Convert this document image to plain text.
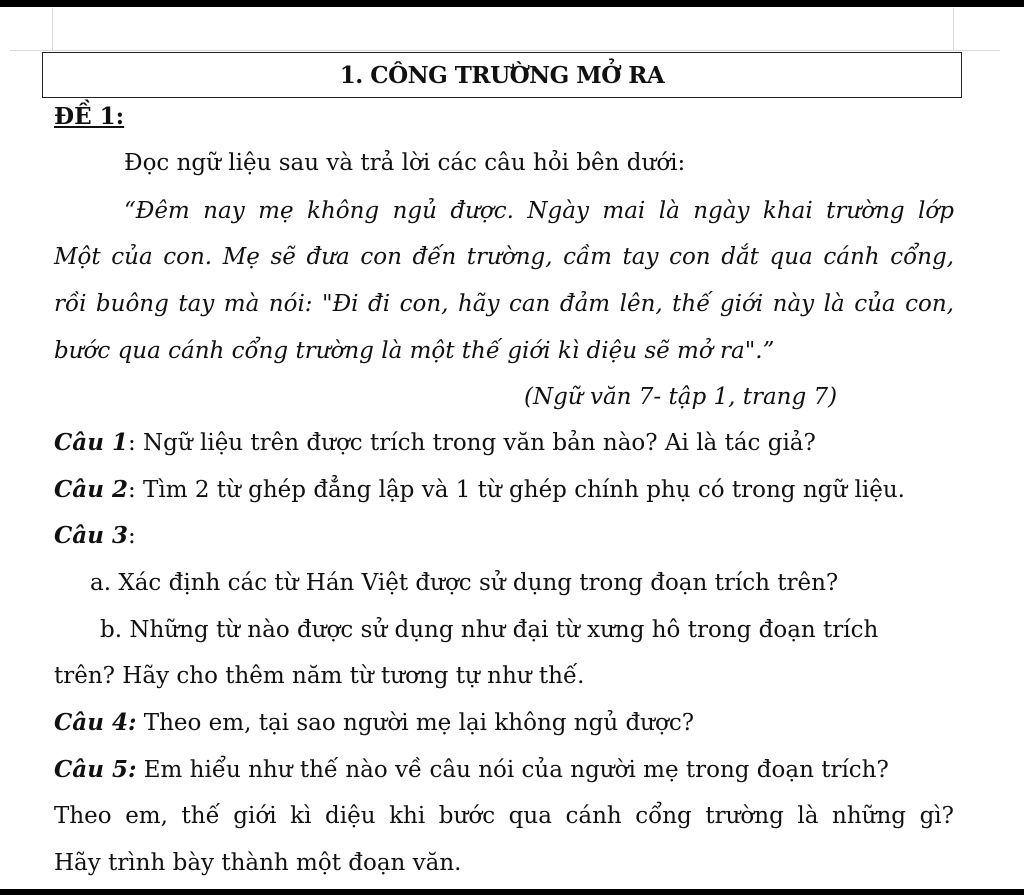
1. CÔNG TRƯỜNG MỞ RA
ĐỀ 1:
Đọc ngữ liệu sau và trả lời các câu hỏi bên dưới:
“Đêm nay mẹ không ngủ được. Ngày mai là ngày khai trường lớp
Một của con. Mẹ sẽ đưa con đến trường, cầm tay con dắt qua cánh cổng,
rồi buông tay mà nói: "Đi đi con, hãy can đảm lên, thế giới này là của con,
bước qua cánh cổng trường là một thế giới kì diệu sẽ mở ra".”
(Ngữ văn 7- tập 1, trang 7)
Câu 1: Ngữ liệu trên được trích trong văn bản nào? Ai là tác giả?
Câu 2: Tìm 2 từ ghép đẳng lập và 1 từ ghép chính phụ có trong ngữ liệu.
Câu 3:
a. Xác định các từ Hán Việt được sử dụng trong đoạn trích trên?
b. Những từ nào được sử dụng như đại từ xưng hô trong đoạn trích
trên? Hãy cho thêm năm từ tương tự như thế.
Câu 4: Theo em, tại sao người mẹ lại không ngủ được?
Câu 5: Em hiểu như thế nào về câu nói của người mẹ trong đoạn trích?
Theo em, thế giới kì diệu khi bước qua cánh cổng trường là những gì?
Hãy trình bày thành một đoạn văn.
